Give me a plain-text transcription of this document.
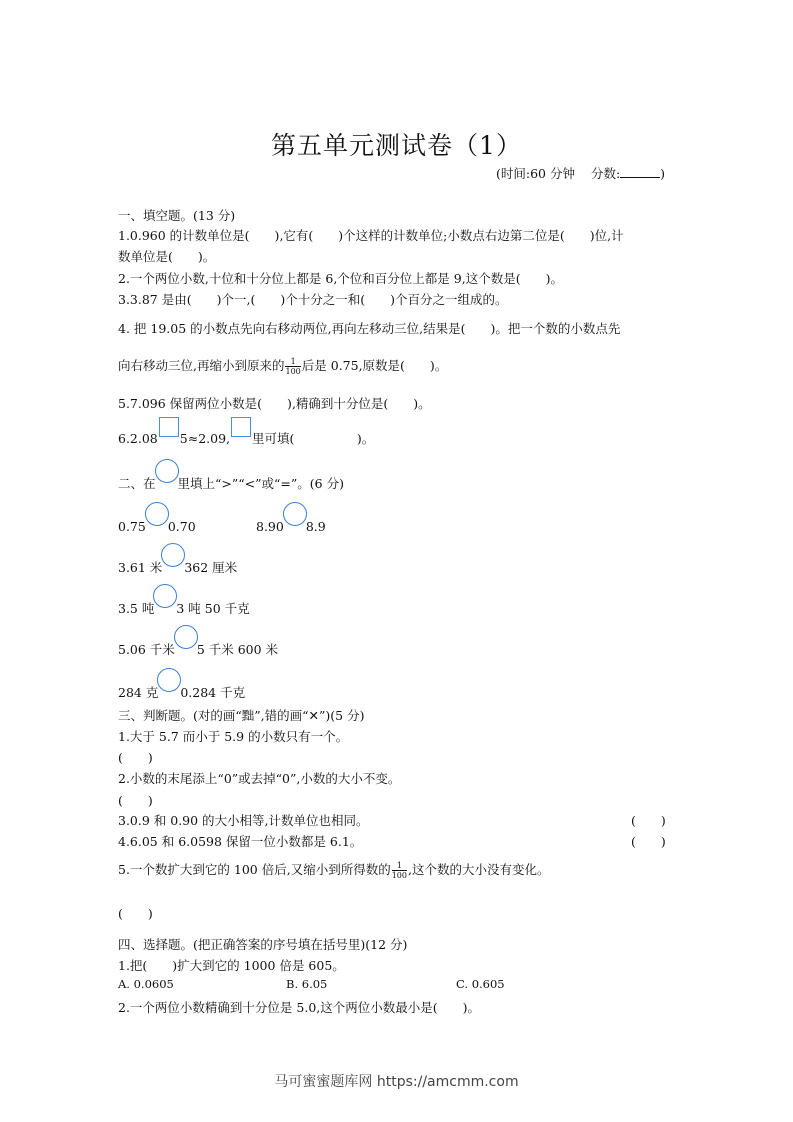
第五单元测试卷（1）
(时间:60 分钟 分数:	)
一、填空题。(13 分)
1.0.960 的计数单位是(　　),它有(　　)个这样的计数单位;小数点右边第二位是(　　)位,计
数单位是(　　)。
2.一个两位小数,十位和十分位上都是 6,个位和百分位上都是 9,这个数是(　　)。
3.3.87 是由(　　)个一,(　　)个十分之一和(　　)个百分之一组成的。
4. 把 19.05 的小数点先向右移动两位,再向左移动三位,结果是(　　)。把一个数的小数点先
向右移动三位,再缩小到原来的 $\frac{1}{100}$ 后是 0.75,原数是(　　)。
5.7.096 保留两位小数是(　　),精确到十分位是(　　)。
6.2.08 5≈2.09, 里可填(　　　　　)。
二、在 里填上“>”“<”或“=”。(6 分)
0.75 0.70	8.90 8.9
3.61 米 362 厘米
3.5 吨 3 吨 50 千克
5.06 千米 5 千米 600 米
284 克 0.284 千克
三、判断题。(对的画“黜”,错的画“✕”)(5 分)
1.大于 5.7 而小于 5.9 的小数只有一个。
(　　)
2.小数的末尾添上“0”或去掉“0”,小数的大小不变。
(　　)
3.0.9 和 0.90 的大小相等,计数单位也相同。	(　　)
4.6.05 和 6.0598 保留一位小数都是 6.1。	(　　)
5.一个数扩大到它的 100 倍后,又缩小到所得数的 $\frac{1}{100}$ ,这个数的大小没有变化。
(　　)
四、选择题。(把正确答案的序号填在括号里)(12 分)
1.把(　　)扩大到它的 1000 倍是 605。
A. 0.0605	B. 6.05	C. 0.605
2.一个两位小数精确到十分位是 5.0,这个两位小数最小是(　　)。
马可蜜蜜题库网 https://amcmm.com
